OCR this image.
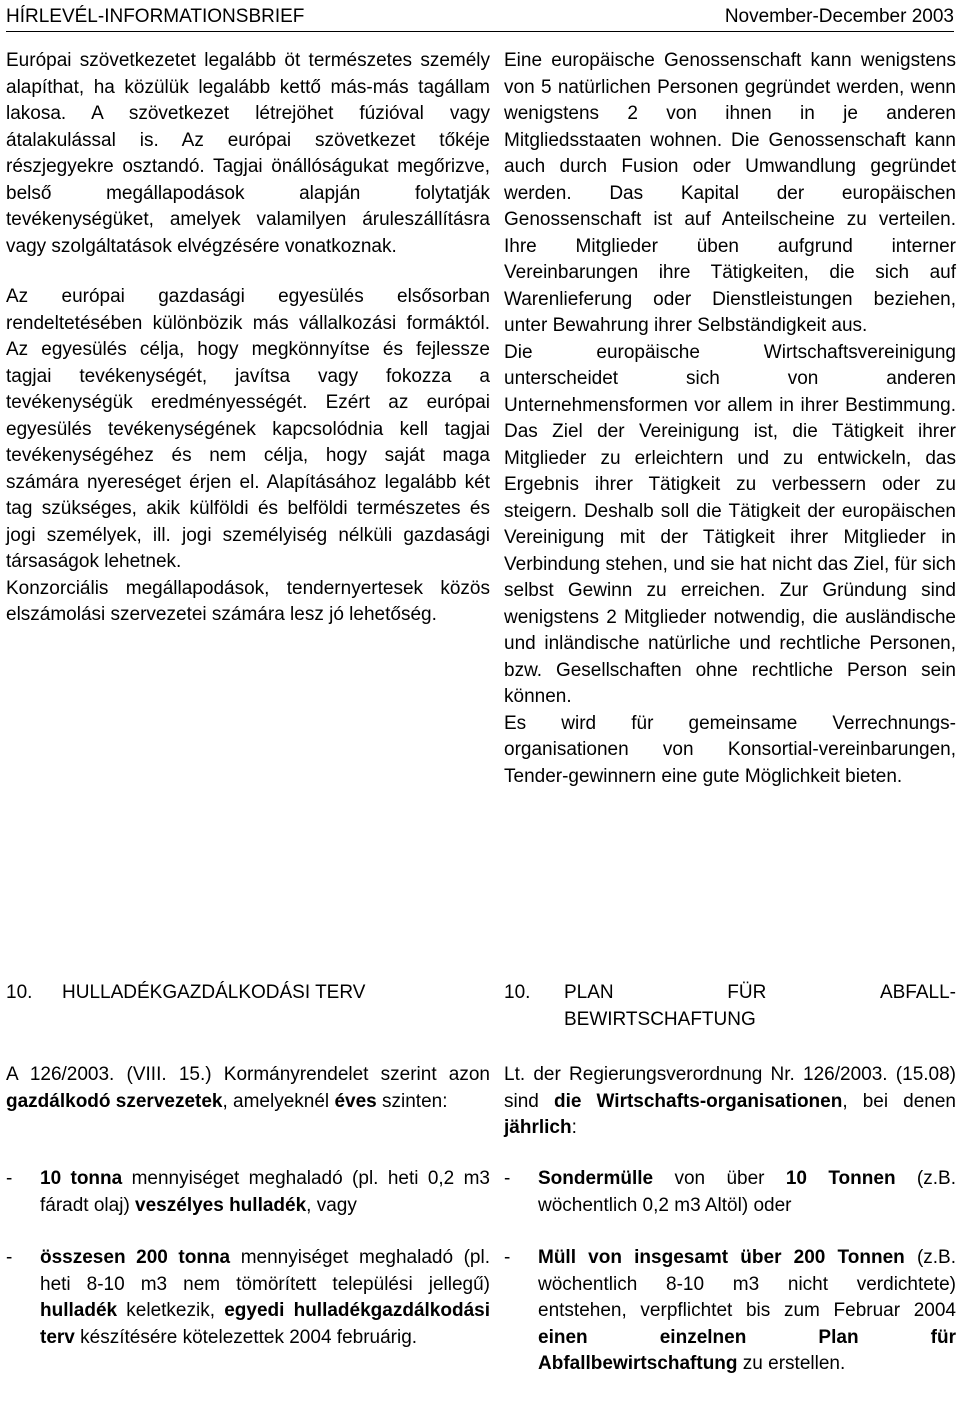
HÍRLEVÉL-INFORMATIONSBRIEF	November-December 2003

Európai szövetkezetet legalább öt természetes személy alapíthat, ha közülük legalább kettő más-más tagállam lakosa. A szövetkezet létrejöhet fúzióval vagy átalakulással is. Az európai szövetkezet tőkéje részjegyekre osztandó. Tagjai önállóságukat megőrizve, belső megállapodások alapján folytatják tevékenységüket, amelyek valamilyen áruleszállításra vagy szolgáltatások elvégzésére vonatkoznak.

Az európai gazdasági egyesülés elsősorban rendeltetésében különbözik más vállalkozási formáktól. Az egyesülés célja, hogy megkönnyítse és fejlessze tagjai tevékenységét, javítsa vagy fokozza a tevékenységük eredményességét. Ezért az európai egyesülés tevékenységének kapcsolódnia kell tagjai tevékenységéhez és nem célja, hogy saját maga számára nyereséget érjen el. Alapításához legalább két tag szükséges, akik külföldi és belföldi természetes és jogi személyek, ill. jogi személyiség nélküli gazdasági társaságok lehetnek.

Konzorciális megállapodások, tendernyertesek közös elszámolási szervezetei számára lesz jó lehetőség.

Eine europäische Genossenschaft kann wenigstens von 5 natürlichen Personen gegründet werden, wenn wenigstens 2 von ihnen in je anderen Mitgliedsstaaten wohnen. Die Genossenschaft kann auch durch Fusion oder Umwandlung gegründet werden. Das Kapital der europäischen Genossenschaft ist auf Anteilscheine zu verteilen. Ihre Mitglieder üben aufgrund interner Vereinbarungen ihre Tätigkeiten, die sich auf Warenlieferung oder Dienstleistungen beziehen, unter Bewahrung ihrer Selbständigkeit aus.

Die europäische Wirtschaftsvereinigung unterscheidet sich von anderen Unternehmensformen vor allem in ihrer Bestimmung. Das Ziel der Vereinigung ist, die Tätigkeit ihrer Mitglieder zu erleichtern und zu entwickeln, das Ergebnis ihrer Tätigkeit zu verbessern oder zu steigern. Deshalb soll die Tätigkeit der europäischen Vereinigung mit der Tätigkeit ihrer Mitglieder in Verbindung stehen, und sie hat nicht das Ziel, für sich selbst Gewinn zu erreichen. Zur Gründung sind wenigstens 2 Mitglieder notwendig, die ausländische und inländische natürliche und rechtliche Personen, bzw. Gesellschaften ohne rechtliche Person sein können.

Es wird für gemeinsame Verrechnungs-organisationen von Konsortial-vereinbarungen, Tender-gewinnern eine gute Möglichkeit bieten.

10. HULLADÉKGAZDÁLKODÁSI TERV	10. PLAN	FÜR	ABFALL-
BEWIRTSCHAFTUNG

A 126/2003. (VIII. 15.) Kormányrendelet szerint azon gazdálkodó szervezetek, amelyeknél éves szinten:

Lt. der Regierungsverordnung Nr. 126/2003. (15.08) sind die Wirtschafts-organisationen, bei denen jährlich:

- 10 tonna mennyiséget meghaladó (pl. heti 0,2 m3 fáradt olaj) veszélyes hulladék, vagy
- összesen 200 tonna mennyiséget meghaladó (pl. heti 8-10 m3 nem tömörített települési jellegű) hulladék keletkezik, egyedi hulladékgazdálkodási terv készítésére kötelezettek 2004 februárig.
- Sondermülle von über 10 Tonnen (z.B. wöchentlich 0,2 m3 Altöl) oder
- Müll von insgesamt über 200 Tonnen (z.B. wöchentlich 8-10 m3 nicht verdichtete) entstehen, verpflichtet bis zum Februar 2004 einen einzelnen Plan für Abfallbewirtschaftung zu erstellen.
